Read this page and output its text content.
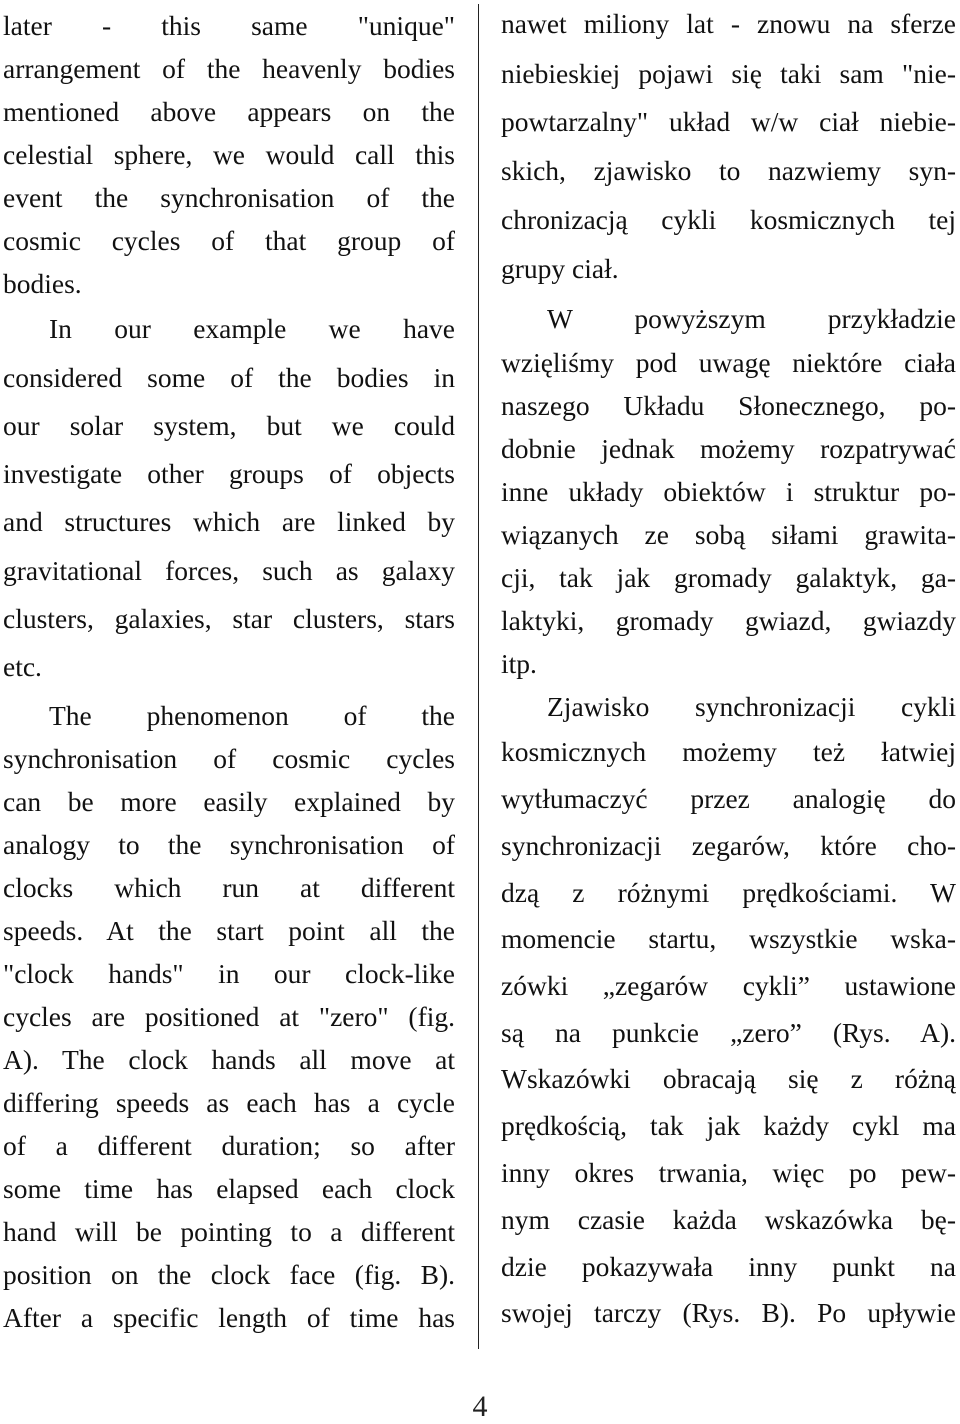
later - this same "unique"
arrangement of the heavenly bodies
mentioned above appears on the
celestial sphere, we would call this
event the synchronisation of the
cosmic cycles of that group of
bodies.
In our example we have
considered some of the bodies in
our solar system, but we could
investigate other groups of objects
and structures which are linked by
gravitational forces, such as galaxy
clusters, galaxies, star clusters, stars
etc.
The phenomenon of the
synchronisation of cosmic cycles
can be more easily explained by
analogy to the synchronisation of
clocks which run at different
speeds. At the start point all the
"clock hands" in our clock-like
cycles are positioned at "zero" (fig.
A). The clock hands all move at
differing speeds as each has a cycle
of a different duration; so after
some time has elapsed each clock
hand will be pointing to a different
position on the clock face (fig. B).
After a specific length of time has
nawet miliony lat - znowu na sferze
niebieskiej pojawi się taki sam "nie-
powtarzalny" układ w/w ciał niebie-
skich, zjawisko to nazwiemy syn-
chronizacją cykli kosmicznych tej
grupy ciał.
W powyższym przykładzie
wzięliśmy pod uwagę niektóre ciała
naszego Układu Słonecznego, po-
dobnie jednak możemy rozpatrywać
inne układy obiektów i struktur po-
wiązanych ze sobą siłami grawita-
cji, tak jak gromady galaktyk, ga-
laktyki, gromady gwiazd, gwiazdy
itp.
Zjawisko synchronizacji cykli
kosmicznych możemy też łatwiej
wytłumaczyć przez analogię do
synchronizacji zegarów, które cho-
dzą z różnymi prędkościami. W
momencie startu, wszystkie wska-
zówki „zegarów cykli” ustawione
są na punkcie „zero” (Rys. A).
Wskazówki obracają się z różną
prędkością, tak jak każdy cykl ma
inny okres trwania, więc po pew-
nym czasie każda wskazówka bę-
dzie pokazywała inny punkt na
swojej tarczy (Rys. B). Po upływie
4
